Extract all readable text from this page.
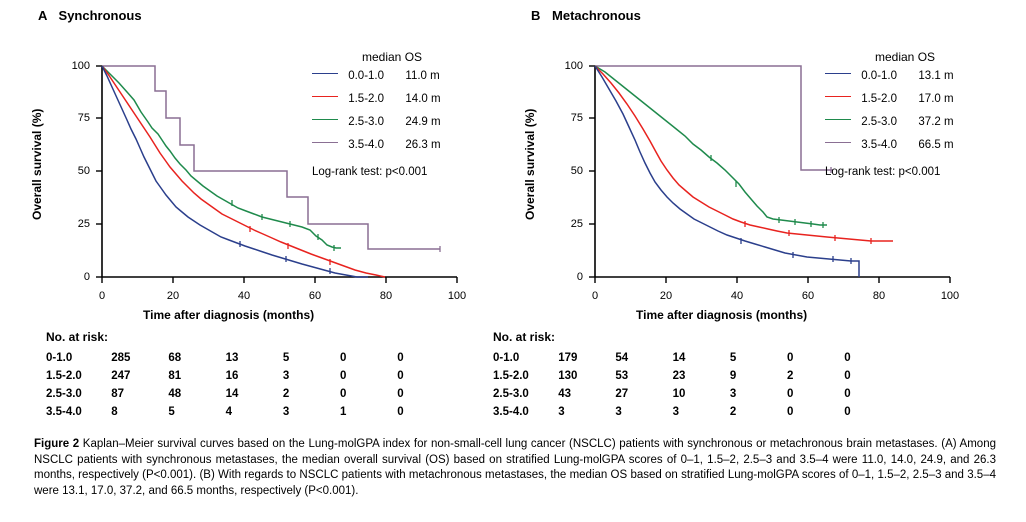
A Synchronous
Overall survival (%)
100
75
50
25
0
0	20	40	60	80	100
Time after diagnosis (months)
median OS
0.0-1.0 11.0 m
1.5-2.0 14.0 m
2.5-3.0 24.9 m
3.5-4.0 26.3 m
Log-rank test: p<0.001
No. at risk:
0-1.0	285	68	13	5	0	0
1.5-2.0	247	81	16	3	0	0
2.5-3.0	87	48	14	2	0	0
3.5-4.0	8	5	4	3	1	0
B Metachronous
Overall survival (%)
100
75
50
25
0
0	20	40	60	80	100
Time after diagnosis (months)
median OS
0.0-1.0 13.1 m
1.5-2.0 17.0 m
2.5-3.0 37.2 m
3.5-4.0 66.5 m
Log-rank test: p<0.001
No. at risk:
0-1.0	179	54	14	5	0	0
1.5-2.0	130	53	23	9	2	0
2.5-3.0	43	27	10	3	0	0
3.5-4.0	3	3	3	2	0	0
Figure 2 Kaplan–Meier survival curves based on the Lung-molGPA index for non-small-cell lung cancer (NSCLC) patients with synchronous or metachronous brain metastases. (A) Among NSCLC patients with synchronous metastases, the median overall survival (OS) based on stratified Lung-molGPA scores of 0–1, 1.5–2, 2.5–3 and 3.5–4 were 11.0, 14.0, 24.9, and 26.3 months, respectively (P<0.001). (B) With regards to NSCLC patients with metachronous metastases, the median OS based on stratified Lung-molGPA scores of 0–1, 1.5–2, 2.5–3 and 3.5–4 were 13.1, 17.0, 37.2, and 66.5 months, respectively (P<0.001).
